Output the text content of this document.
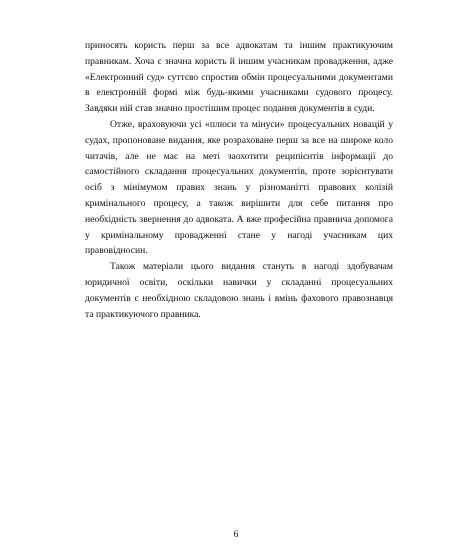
приносять користь перш за все адвокатам та іншим практикуючим правникам. Хоча є значна користь й іншим учасникам провадження, адже «Електронний суд» суттєво спростив обмін процесуальними документами в електронній формі між будь-якими учасниками судового процесу. Завдяки ній став значно простішим процес подання документів в суди.

Отже, враховуючи усі «плюси та мінуси» процесуальних новацій у судах, пропоноване видання, яке розраховане перш за все на широке коло читачів, але не має на меті заохотити реципієнтів інформації до самостійного складання процесуальних документів, проте зорієнтувати осіб з мінімумом правих знань у різноманітті правових колізій кримінального процесу, а також вирішити для себе питання про необхідність звернення до адвоката. А вже професійна правнича допомога у кримінальному провадженні стане у нагоді учасникам цих правовідносин.

Також матеріали цього видання стануть в нагоді здобувачам юридичної освіти, оскільки навички у складанні процесуальних документів є необхідною складовою знань і вмінь фахового правознавця та практикуючого правника.

6
